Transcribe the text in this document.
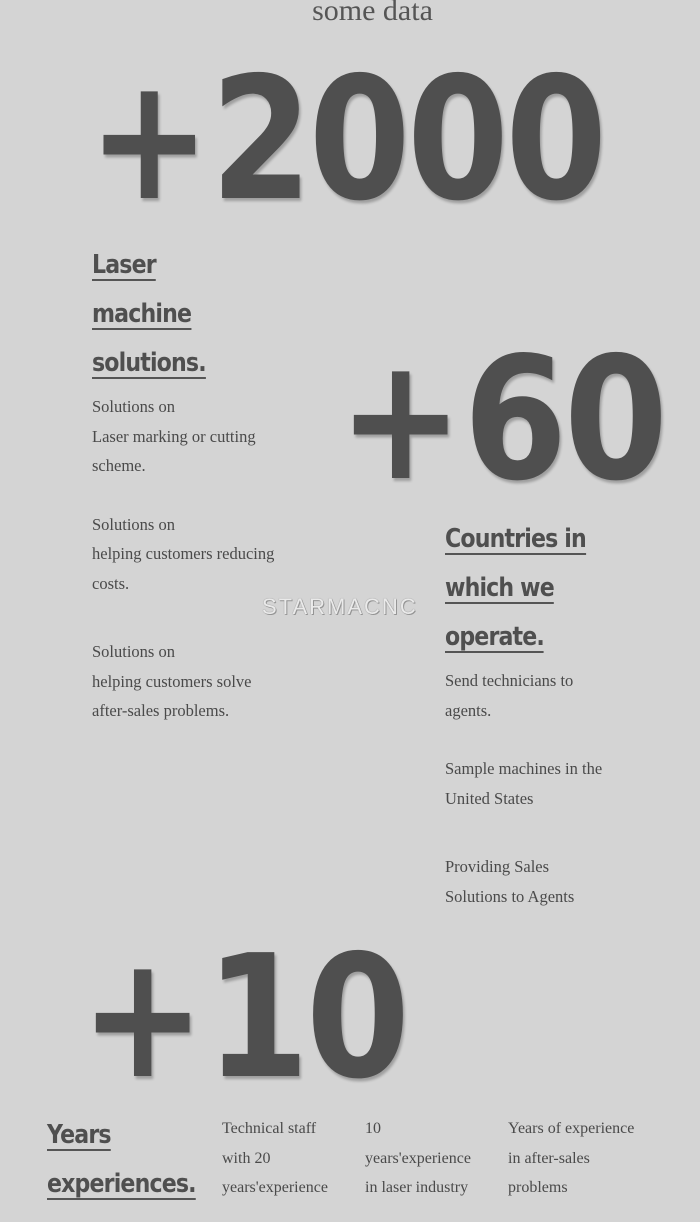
some data
+2000
Laser
machine
solutions.

Solutions on
Laser marking or cutting
scheme.

Solutions on
helping customers reducing
costs.

Solutions on
helping customers solve
after-sales problems.

STARMACNC
+60
Countries in
which we
operate.

Send technicians to
agents.

Sample machines in the
United States

Providing Sales
Solutions to Agents

+10
Years
experiences.
Technical staff
with 20
years'experience
10
years'experience
in laser industry
Years of experience
in after-sales
problems
